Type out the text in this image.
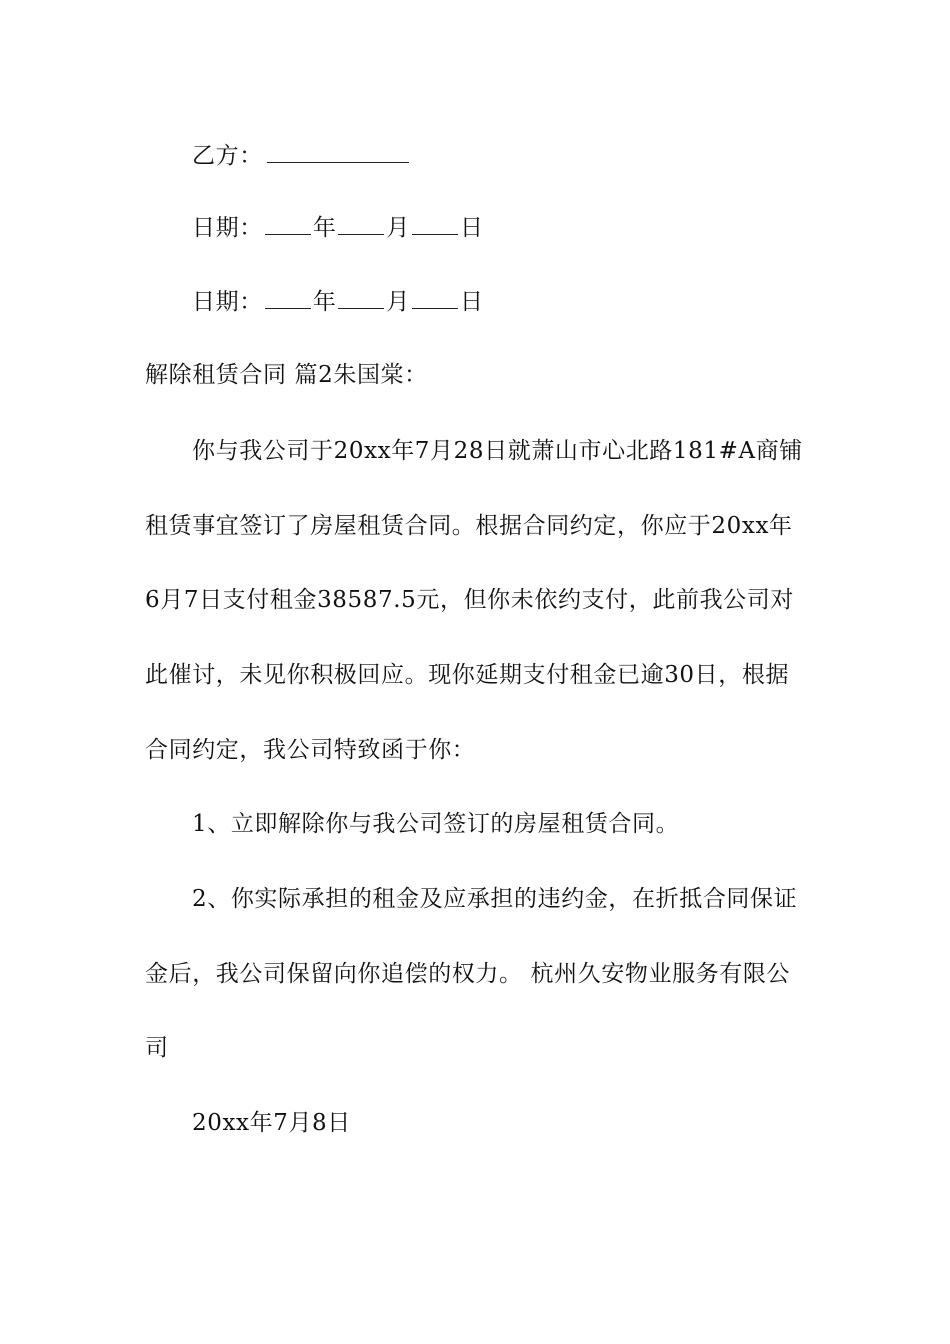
乙方：
日期： 年 月 日
日期： 年 月 日
解除租赁合同 篇2朱国棠：
你与我公司于20xx年7月28日就萧山市心北路181#A商铺
租赁事宜签订了房屋租赁合同。根据合同约定，你应于20xx年
6月7日支付租金38587.5元，但你未依约支付，此前我公司对
此催讨，未见你积极回应。现你延期支付租金已逾30日，根据
合同约定，我公司特致函于你：
1、立即解除你与我公司签订的房屋租赁合同。
2、你实际承担的租金及应承担的违约金，在折抵合同保证
金后，我公司保留向你追偿的权力。 杭州久安物业服务有限公
司
20xx年7月8日
